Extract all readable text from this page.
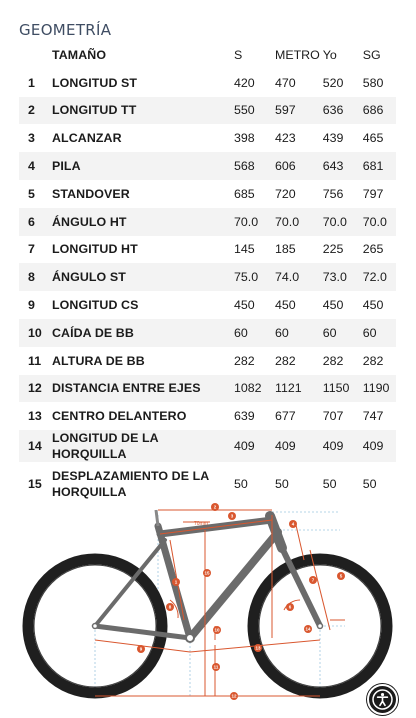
GEOMETRÍA
	TAMAÑO	S	METRO	Yo	SG
1	LONGITUD ST	420	470	520	580
2	LONGITUD TT	550	597	636	686
3	ALCANZAR	398	423	439	465
4	PILA	568	606	643	681
5	STANDOVER	685	720	756	797
6	ÁNGULO HT	70.0	70.0	70.0	70.0
7	LONGITUD HT	145	185	225	265
8	ÁNGULO ST	75.0	74.0	73.0	72.0
9	LONGITUD CS	450	450	450	450
10	CAÍDA DE BB	60	60	60	60
11	ALTURA DE BB	282	282	282	282
12	DISTANCIA ENTRE EJES	1082	1121	1150	1190
13	CENTRO DELANTERO	639	677	707	747
14	LONGITUD DE LA HORQUILLA	409	409	409	409
15	DESPLAZAMIENTO DE LA HORQUILLA	50	50	50	50
70mm
1
2
3
4
5
6
7
8
9
10
11
12
13
14
15
